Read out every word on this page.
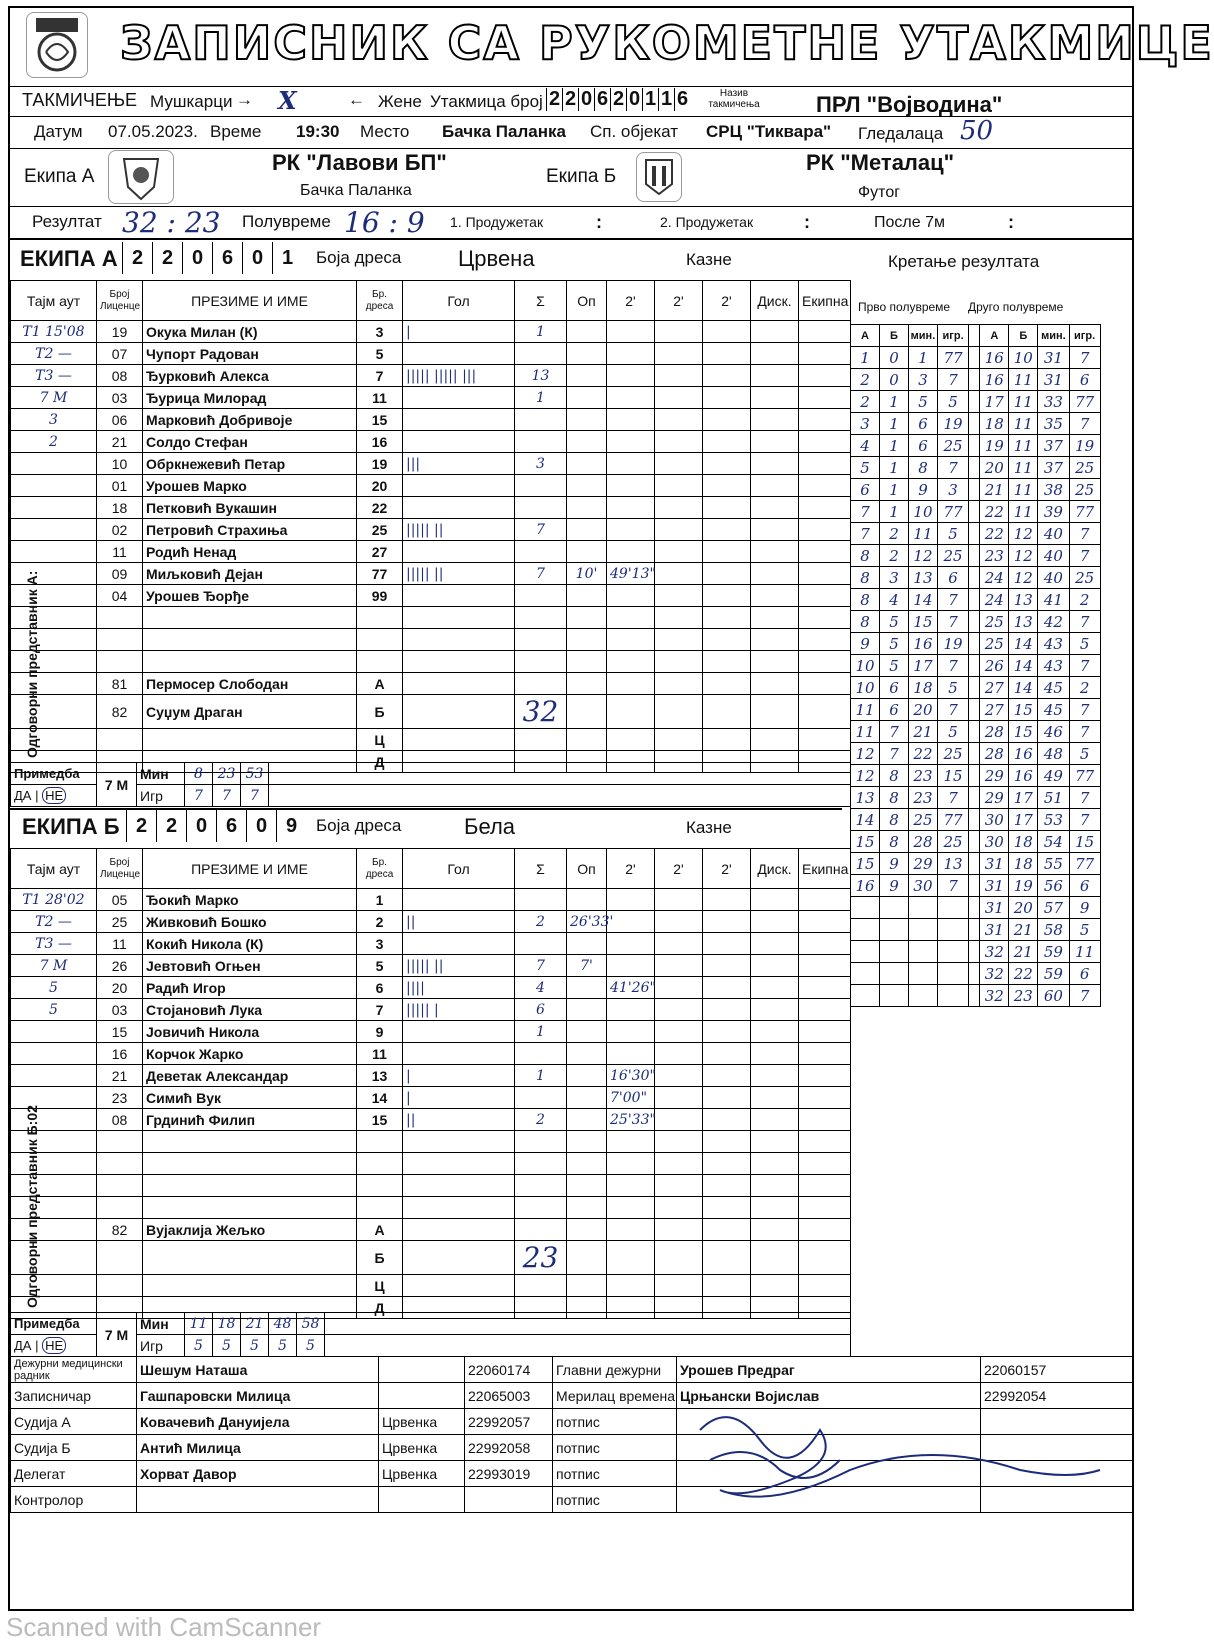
ЗАПИСНИК СА РУКОМЕТНЕ УТАКМИЦЕ
ТАКМИЧЕЊЕ Мушкарци → X	← Жене Утакмица број 2 2 0 6 2 0 1 1 6	Назив такмичења	ПРЛ "Војводина"
Датум 07.05.2023. Време 19:30 Место Бачка Паланка Сп. објекат СРЦ "Тиквара" Гледалаца 50
Екипа А
РК "Лавови БП"
Бачка Паланка
Екипа Б
РК "Металац"
Футог
Резултат 32 : 23 Полувреме 16 : 9 1. Продужетак	:	2. Продужетак	:	После 7м	:
ЕКИПА А 2 2 0 6 0 1	Боја дреса	Црвена	Казне	Кретање резултата
Тајм аут	Број Лиценце	ПРЕЗИМЕ И ИМЕ	Бр. дреса	Гол	Σ	Оп	2'	2'	2'	Диск.	Екипна
T1 15'08	19	Окука Милан (К)	3	|	1						
T2 —	07	Чупорт Радован	5								
T3 —	08	Ђурковић Алекса	7	||||| ||||| |||	13						
7 М	03	Ђурица Милорад	11		1						
3	06	Марковић Добривоје	15								
2	21	Солдо Стефан	16								
	10	Обркнежевић Петар	19	|||	3						
	01	Урошев Марко	20								
	18	Петковић Вукашин	22								
	02	Петровић Страхиња	25	||||| ||	7						
	11	Родић Ненад	27								
	09	Миљковић Дејан	77	||||| ||	7	10'	49'13"				
	04	Урошев Ђорђе	99								

	81	Пермосер Слободан	А								
	82	Суџум Драган	Б		32						
			Ц								
			Д								
Примедба	7 М	Мин	8	23	53	
ДА | НЕ		Игр	7	7	7	
Одговорни представник А:
ЕКИПА Б 2 2 0 6 0 9	Боја дреса	Бела	Казне
Тајм аут	Број Лиценце	ПРЕЗИМЕ И ИМЕ	Бр. дреса	Гол	Σ	Оп	2'	2'	2'	Диск.	Екипна
T1 28'02	05	Ђокић Марко	1								
T2 —	25	Живковић Бошко	2	||	2	26'33'					
T3 —	11	Кокић Никола (К)	3								
7 М	26	Јевтовић Огњен	5	||||| ||	7	7'					
5	20	Радић Игор	6	||||	4		41'26"				
5	03	Стојановић Лука	7	||||| |	6						
	15	Јовичић Никола	9		1						
	16	Корчок Жарко	11								
	21	Деветак Александар	13	|	1		16'30"				
	23	Симић Вук	14	|			7'00"				
	08	Грдинић Филип	15	||	2		25'33"				

	82	Вујаклија Жељко	А								
			Б		23						
			Ц								
			Д								
Примедба	7 М	Мин	11	18	21	48	58	
ДА | НЕ		Игр	5	5	5	5	5	
Одговорни представник Б:02
Прво полувреме Друго полувреме
А	Б	мин.	игр.		А	Б	мин.	игр.
1	0	1	77		16	10	31	7
2	0	3	7		16	11	31	6
2	1	5	5		17	11	33	77
3	1	6	19		18	11	35	7
4	1	6	25		19	11	37	19
5	1	8	7		20	11	37	25
6	1	9	3		21	11	38	25
7	1	10	77		22	11	39	77
7	2	11	5		22	12	40	7
8	2	12	25		23	12	40	7
8	3	13	6		24	12	40	25
8	4	14	7		24	13	41	2
8	5	15	7		25	13	42	7
9	5	16	19		25	14	43	5
10	5	17	7		26	14	43	7
10	6	18	5		27	14	45	2
11	6	20	7		27	15	45	7
11	7	21	5		28	15	46	7
12	7	22	25		28	16	48	5
12	8	23	15		29	16	49	77
13	8	23	7		29	17	51	7
14	8	25	77		30	17	53	7
15	8	28	25		30	18	54	15
15	9	29	13		31	18	55	77
16	9	30	7		31	19	56	6
					31	20	57	9
					31	21	58	5
					32	21	59	11
					32	22	59	6
					32	23	60	7
Дежурни медицински радник	Шешум Наташа		22060174	Главни дежурни	Урошев Предраг	22060157
Записничар	Гашпаровски Милица		22065003	Мерилац времена	Црњански Војислав	22992054
Судија А	Ковачевић Дануијела	Црвенка	22992057	потпис		
Судија Б	Антић Милица	Црвенка	22992058	потпис		
Делегат	Хорват Давор	Црвенка	22993019	потпис		
Контролор				потпис		
Scanned with CamScanner
